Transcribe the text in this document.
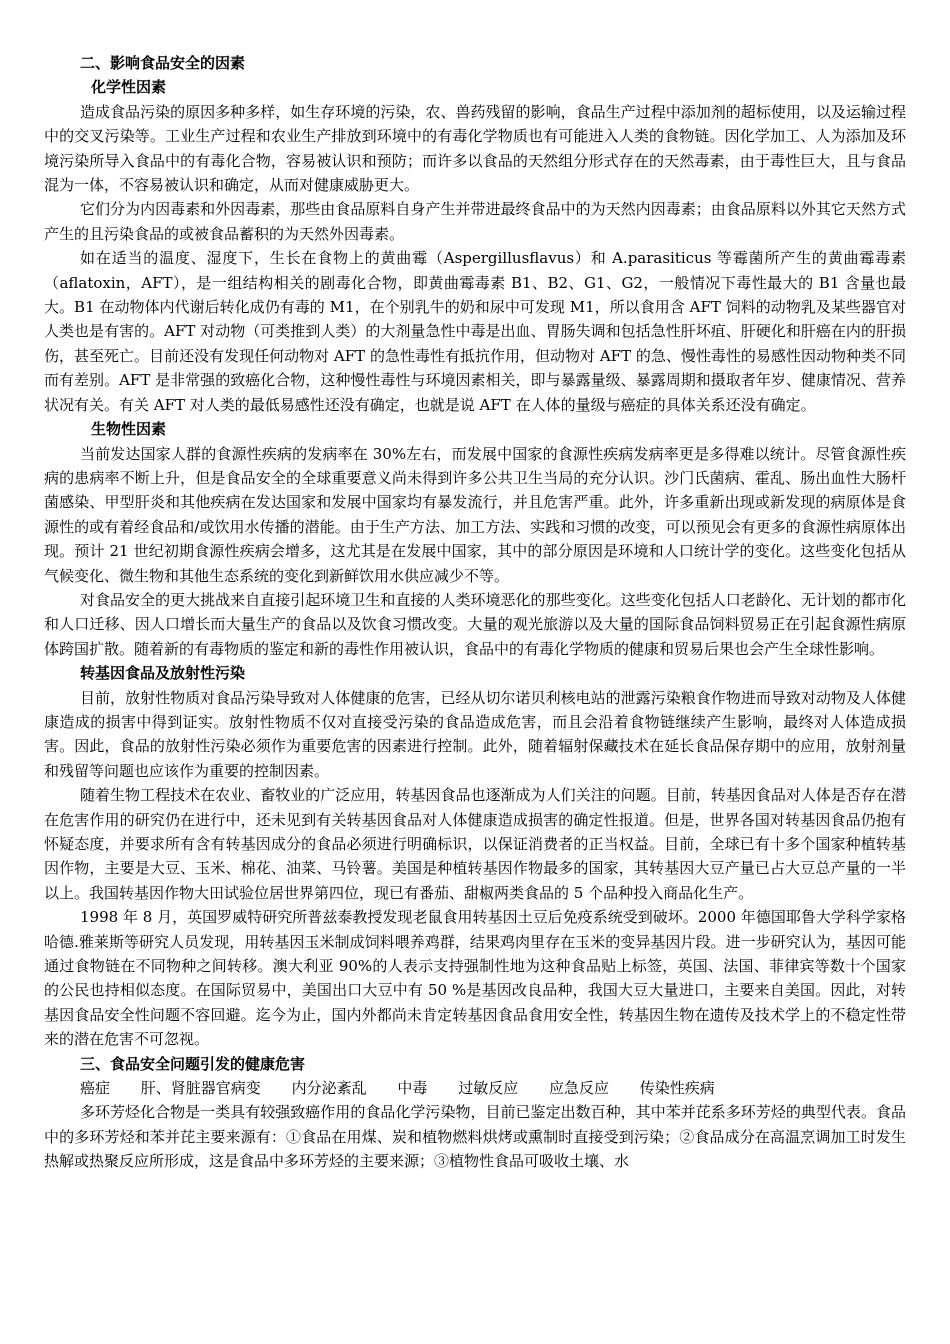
二、影响食品安全的因素
化学性因素

造成食品污染的原因多种多样，如生存环境的污染，农、兽药残留的影响，食品生产过程中添加剂的超标使用，以及运输过程中的交叉污染等。工业生产过程和农业生产排放到环境中的有毒化学物质也有可能进入人类的食物链。因化学加工、人为添加及环境污染所导入食品中的有毒化合物，容易被认识和预防；而许多以食品的天然组分形式存在的天然毒素，由于毒性巨大，且与食品混为一体，不容易被认识和确定，从而对健康威胁更大。

它们分为内因毒素和外因毒素，那些由食品原料自身产生并带进最终食品中的为天然内因毒素；由食品原料以外其它天然方式产生的且污染食品的或被食品蓄积的为天然外因毒素。

如在适当的温度、湿度下，生长在食物上的黄曲霉（Aspergillusflavus）和 A.parasiticus 等霉菌所产生的黄曲霉毒素（aflatoxin，AFT），是一组结构相关的剧毒化合物，即黄曲霉毒素 B1、B2、G1、G2，一般情况下毒性最大的 B1 含量也最大。B1 在动物体内代谢后转化成仍有毒的 M1，在个别乳牛的奶和尿中可发现 M1，所以食用含 AFT 饲料的动物乳及某些器官对人类也是有害的。AFT 对动物（可类推到人类）的大剂量急性中毒是出血、胃肠失调和包括急性肝坏疽、肝硬化和肝癌在内的肝损伤，甚至死亡。目前还没有发现任何动物对 AFT 的急性毒性有抵抗作用，但动物对 AFT 的急、慢性毒性的易感性因动物种类不同而有差别。AFT 是非常强的致癌化合物，这种慢性毒性与环境因素相关，即与暴露量级、暴露周期和摄取者年岁、健康情况、营养状况有关。有关 AFT 对人类的最低易感性还没有确定，也就是说 AFT 在人体的量级与癌症的具体关系还没有确定。

生物性因素

当前发达国家人群的食源性疾病的发病率在 30%左右，而发展中国家的食源性疾病发病率更是多得难以统计。尽管食源性疾病的患病率不断上升，但是食品安全的全球重要意义尚未得到许多公共卫生当局的充分认识。沙门氏菌病、霍乱、肠出血性大肠杆菌感染、甲型肝炎和其他疾病在发达国家和发展中国家均有暴发流行，并且危害严重。此外，许多重新出现或新发现的病原体是食源性的或有着经食品和/或饮用水传播的潜能。由于生产方法、加工方法、实践和习惯的改变，可以预见会有更多的食源性病原体出现。预计 21 世纪初期食源性疾病会增多，这尤其是在发展中国家，其中的部分原因是环境和人口统计学的变化。这些变化包括从气候变化、微生物和其他生态系统的变化到新鲜饮用水供应减少不等。

对食品安全的更大挑战来自直接引起环境卫生和直接的人类环境恶化的那些变化。这些变化包括人口老龄化、无计划的都市化和人口迁移、因人口增长而大量生产的食品以及饮食习惯改变。大量的观光旅游以及大量的国际食品饲料贸易正在引起食源性病原体跨国扩散。随着新的有毒物质的鉴定和新的毒性作用被认识，食品中的有毒化学物质的健康和贸易后果也会产生全球性影响。

转基因食品及放射性污染

目前，放射性物质对食品污染导致对人体健康的危害，已经从切尔诺贝利核电站的泄露污染粮食作物进而导致对动物及人体健康造成的损害中得到证实。放射性物质不仅对直接受污染的食品造成危害，而且会沿着食物链继续产生影响，最终对人体造成损害。因此，食品的放射性污染必须作为重要危害的因素进行控制。此外，随着辐射保藏技术在延长食品保存期中的应用，放射剂量和残留等问题也应该作为重要的控制因素。

随着生物工程技术在农业、畜牧业的广泛应用，转基因食品也逐渐成为人们关注的问题。目前，转基因食品对人体是否存在潜在危害作用的研究仍在进行中，还未见到有关转基因食品对人体健康造成损害的确定性报道。但是，世界各国对转基因食品仍抱有怀疑态度，并要求所有含有转基因成分的食品必须进行明确标识，以保证消费者的正当权益。目前，全球已有十多个国家种植转基因作物，主要是大豆、玉米、棉花、油菜、马铃薯。美国是种植转基因作物最多的国家，其转基因大豆产量已占大豆总产量的一半以上。我国转基因作物大田试验位居世界第四位，现已有番茄、甜椒两类食品的 5 个品种投入商品化生产。

1998 年 8 月，英国罗威特研究所普兹泰教授发现老鼠食用转基因土豆后免疫系统受到破坏。2000 年德国耶鲁大学科学家格哈德.雅莱斯等研究人员发现，用转基因玉米制成饲料喂养鸡群，结果鸡肉里存在玉米的变异基因片段。进一步研究认为，基因可能通过食物链在不同物种之间转移。澳大利亚 90%的人表示支持强制性地为这种食品贴上标签，英国、法国、菲律宾等数十个国家的公民也持相似态度。在国际贸易中，美国出口大豆中有 50 %是基因改良品种，我国大豆大量进口，主要来自美国。因此，对转基因食品安全性问题不容回避。迄今为止，国内外都尚未肯定转基因食品食用安全性，转基因生物在遗传及技术学上的不稳定性带来的潜在危害不可忽视。

三、食品安全问题引发的健康危害
癌症 肝、肾脏器官病变 内分泌紊乱 中毒 过敏反应 应急反应 传染性疾病

多环芳烃化合物是一类具有较强致癌作用的食品化学污染物，目前已鉴定出数百种，其中苯并芘系多环芳烃的典型代表。食品中的多环芳烃和苯并芘主要来源有：①食品在用煤、炭和植物燃料烘烤或熏制时直接受到污染；②食品成分在高温烹调加工时发生热解或热聚反应所形成，这是食品中多环芳烃的主要来源；③植物性食品可吸收土壤、水
